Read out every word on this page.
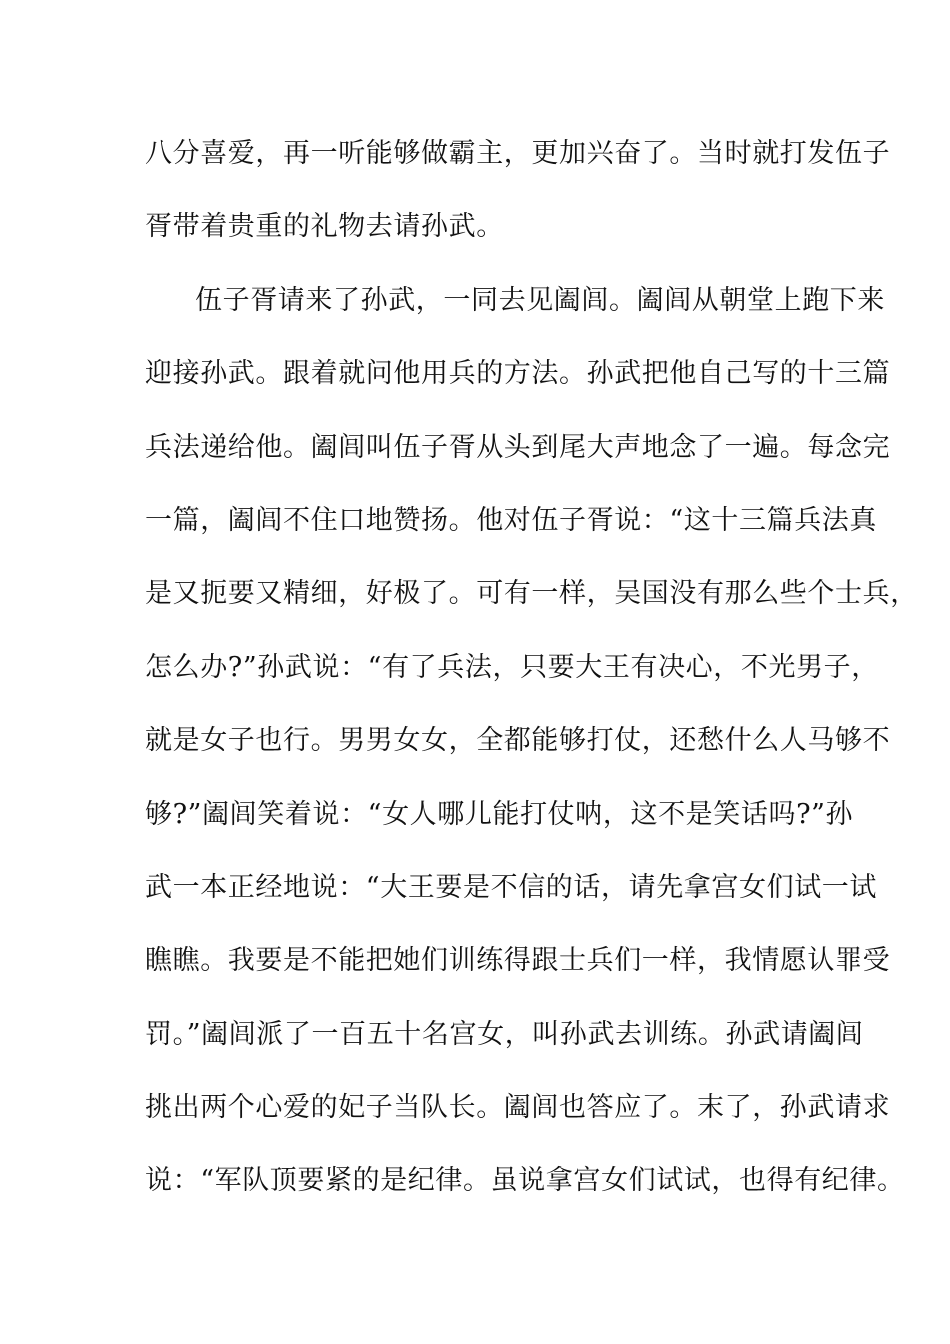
八分喜爱，再一听能够做霸主，更加兴奋了。当时就打发伍子
胥带着贵重的礼物去请孙武。
伍子胥请来了孙武，一同去见阖闾。阖闾从朝堂上跑下来
迎接孙武。跟着就问他用兵的方法。孙武把他自己写的十三篇
兵法递给他。阖闾叫伍子胥从头到尾大声地念了一遍。每念完
一篇，阖闾不住口地赞扬。他对伍子胥说：“这十三篇兵法真
是又扼要又精细，好极了。可有一样，吴国没有那么些个士兵，
怎么办?”孙武说：“有了兵法，只要大王有决心，不光男子，
就是女子也行。男男女女，全都能够打仗，还愁什么人马够不
够?”阖闾笑着说：“女人哪儿能打仗呐，这不是笑话吗?”孙
武一本正经地说：“大王要是不信的话，请先拿宫女们试一试
瞧瞧。我要是不能把她们训练得跟士兵们一样，我情愿认罪受
罚。”阖闾派了一百五十名宫女，叫孙武去训练。孙武请阖闾
挑出两个心爱的妃子当队长。阖闾也答应了。末了，孙武请求
说：“军队顶要紧的是纪律。虽说拿宫女们试试，也得有纪律。
